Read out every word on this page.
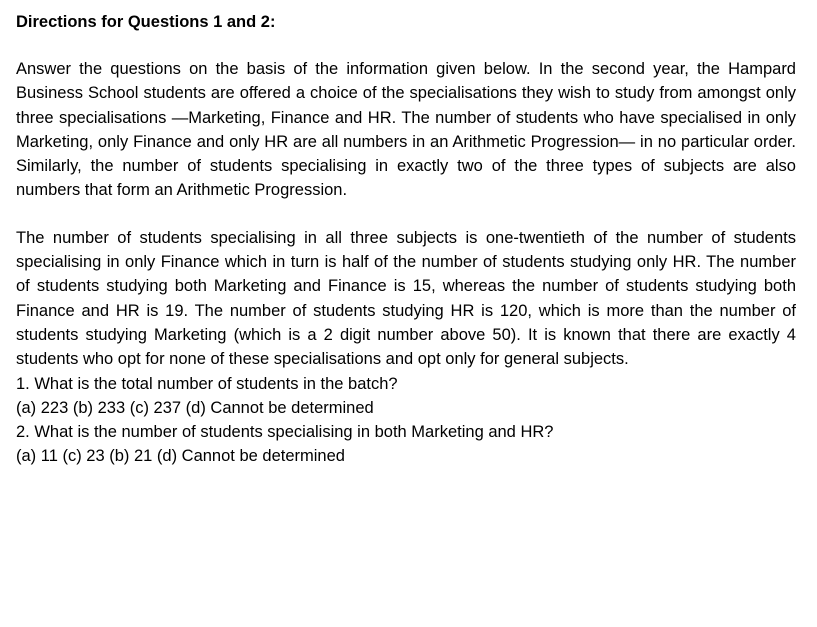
Directions for Questions 1 and 2:

Answer the questions on the basis of the information given below. In the second year, the Hampard Business School students are offered a choice of the specialisations they wish to study from amongst only three specialisations —Marketing, Finance and HR. The number of students who have specialised in only Marketing, only Finance and only HR are all numbers in an Arithmetic Progression— in no particular order. Similarly, the number of students specialising in exactly two of the three types of subjects are also numbers that form an Arithmetic Progression.

The number of students specialising in all three subjects is one-twentieth of the number of students specialising in only Finance which in turn is half of the number of students studying only HR. The number of students studying both Marketing and Finance is 15, whereas the number of students studying both Finance and HR is 19. The number of students studying HR is 120, which is more than the number of students studying Marketing (which is a 2 digit number above 50). It is known that there are exactly 4 students who opt for none of these specialisations and opt only for general subjects.

1. What is the total number of students in the batch?

(a) 223 (b) 233 (c) 237 (d) Cannot be determined

2. What is the number of students specialising in both Marketing and HR?

(a) 11 (c) 23 (b) 21 (d) Cannot be determined
